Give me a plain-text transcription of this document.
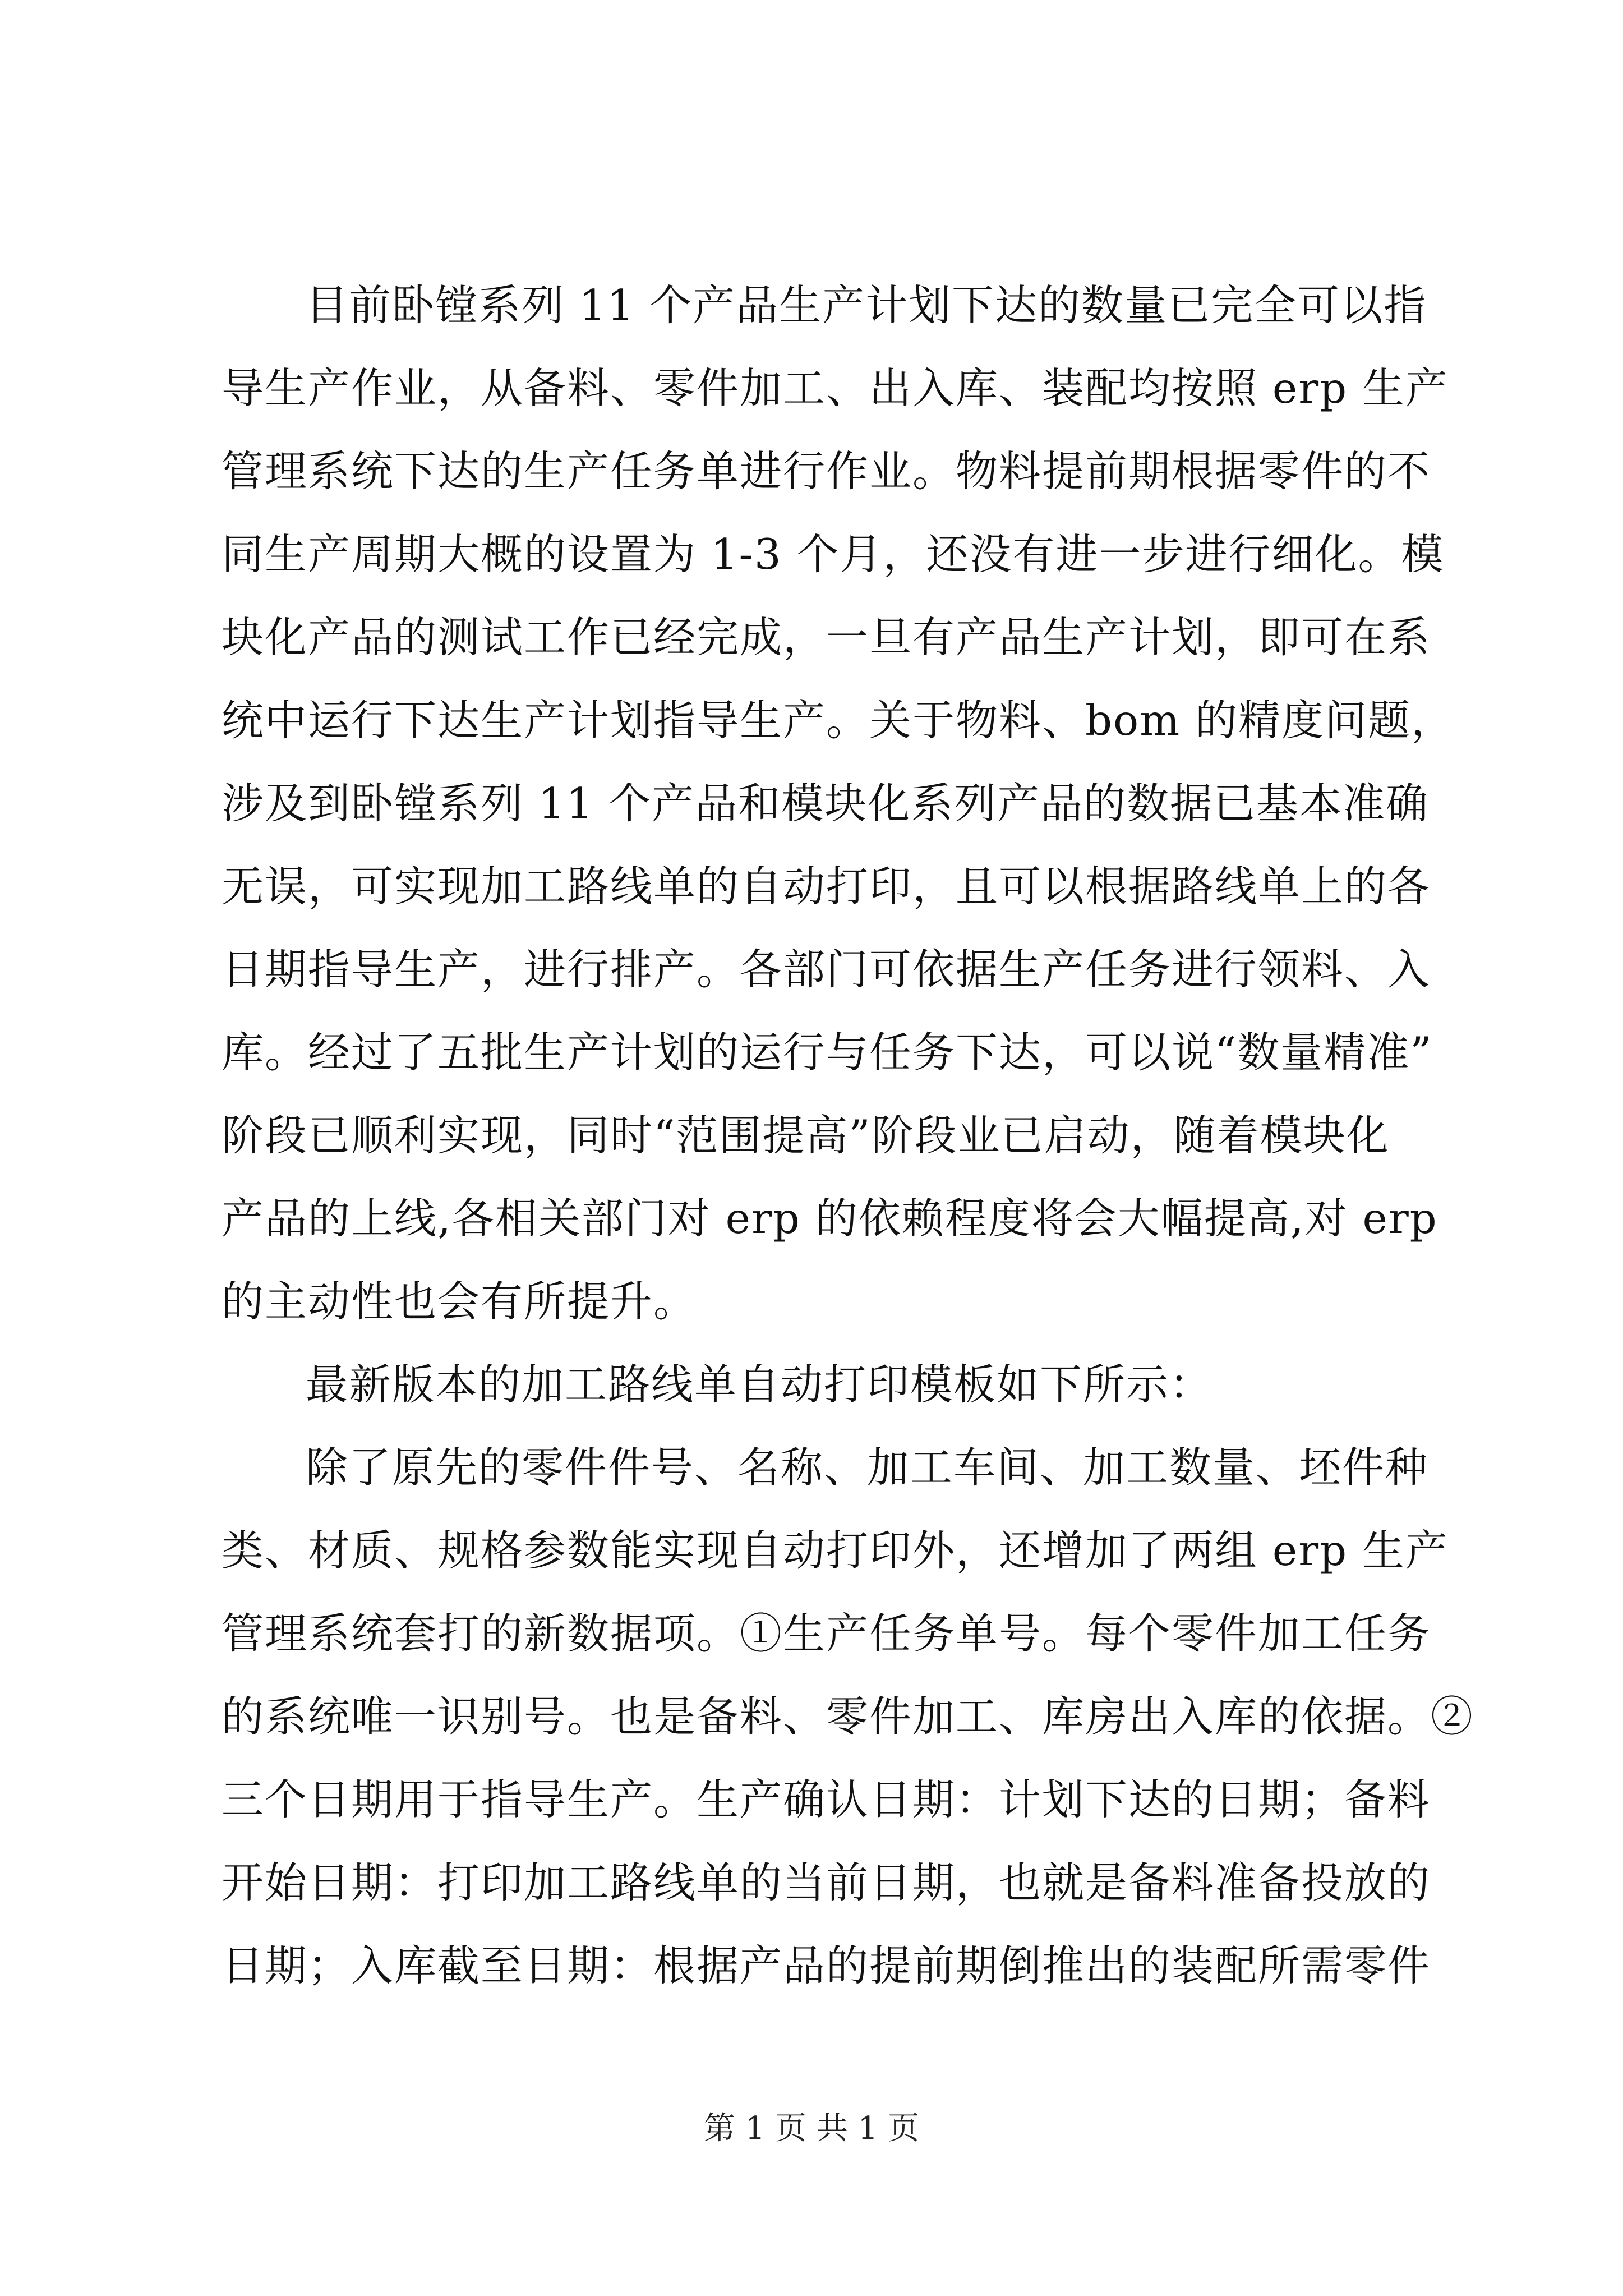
目前卧镗系列 11 个产品生产计划下达的数量已完全可以指
导生产作业，从备料、零件加工、出入库、装配均按照 erp 生产
管理系统下达的生产任务单进行作业。物料提前期根据零件的不
同生产周期大概的设置为 1-3 个月，还没有进一步进行细化。模
块化产品的测试工作已经完成，一旦有产品生产计划，即可在系
统中运行下达生产计划指导生产。关于物料、bom 的精度问题，
涉及到卧镗系列 11 个产品和模块化系列产品的数据已基本准确
无误，可实现加工路线单的自动打印，且可以根据路线单上的各
日期指导生产，进行排产。各部门可依据生产任务进行领料、入
库。经过了五批生产计划的运行与任务下达，可以说“数量精准”
阶段已顺利实现，同时“范围提高”阶段业已启动，随着模块化
产品的上线,各相关部门对 erp 的依赖程度将会大幅提高,对 erp
的主动性也会有所提升。

最新版本的加工路线单自动打印模板如下所示：

除了原先的零件件号、名称、加工车间、加工数量、坯件种
类、材质、规格参数能实现自动打印外，还增加了两组 erp 生产
管理系统套打的新数据项。①生产任务单号。每个零件加工任务
的系统唯一识别号。也是备料、零件加工、库房出入库的依据。②
三个日期用于指导生产。生产确认日期：计划下达的日期；备料
开始日期：打印加工路线单的当前日期，也就是备料准备投放的
日期；入库截至日期：根据产品的提前期倒推出的装配所需零件

第 1 页 共 1 页
